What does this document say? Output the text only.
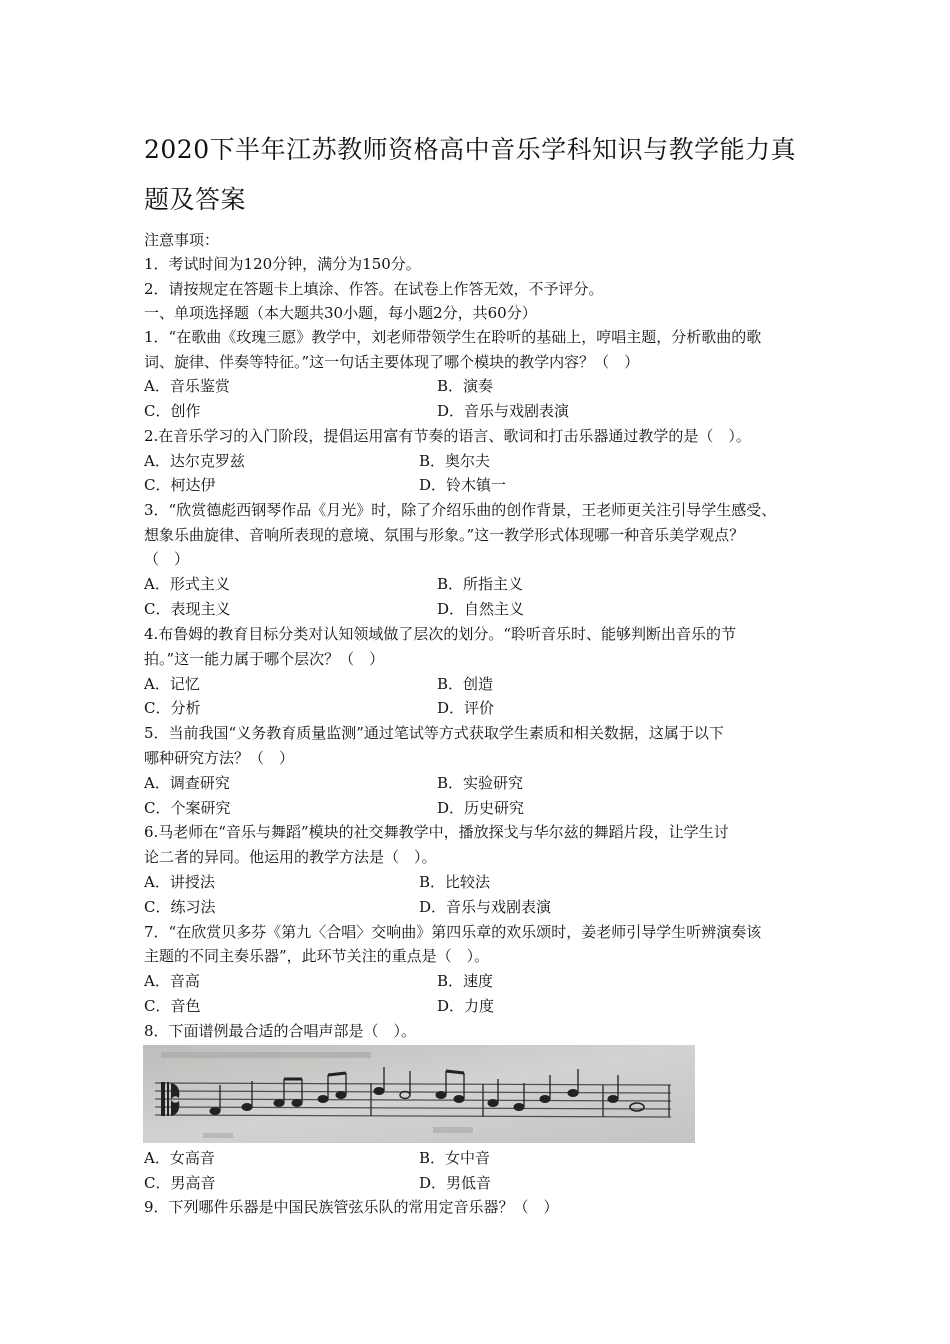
2020下半年江苏教师资格高中音乐学科知识与教学能力真
题及答案
注意事项：
1．考试时间为120分钟，满分为150分。
2．请按规定在答题卡上填涂、作答。在试卷上作答无效，不予评分。
一、单项选择题（本大题共30小题，每小题2分，共60分）
1．“在歌曲《玫瑰三愿》教学中，刘老师带领学生在聆听的基础上，哼唱主题，分析歌曲的歌
词、旋律、伴奏等特征。”这一句话主要体现了哪个模块的教学内容？（　）
A．音乐鉴赏	B．演奏
C．创作	D．音乐与戏剧表演
2.在音乐学习的入门阶段，提倡运用富有节奏的语言、歌词和打击乐器通过教学的是（　）。
A．达尔克罗兹	B．奥尔夫
C．柯达伊	D．铃木镇一
3．“欣赏德彪西钢琴作品《月光》时，除了介绍乐曲的创作背景，王老师更关注引导学生感受、
想象乐曲旋律、音响所表现的意境、氛围与形象。”这一教学形式体现哪一种音乐美学观点？
（　）
A．形式主义	B．所指主义
C．表现主义	D．自然主义
4.布鲁姆的教育目标分类对认知领域做了层次的划分。“聆听音乐时、能够判断出音乐的节
拍。”这一能力属于哪个层次？（　）
A．记忆	B．创造
C．分析	D．评价
5．当前我国“义务教育质量监测”通过笔试等方式获取学生素质和相关数据，这属于以下
哪种研究方法？（　）
A．调查研究	B．实验研究
C．个案研究	D．历史研究
6.马老师在“音乐与舞蹈”模块的社交舞教学中，播放探戈与华尔兹的舞蹈片段，让学生讨
论二者的异同。他运用的教学方法是（　）。
A．讲授法	B．比较法
C．练习法	D．音乐与戏剧表演
7．“在欣赏贝多芬《第九〈合唱〉交响曲》第四乐章的欢乐颂时，姜老师引导学生听辨演奏该
主题的不同主奏乐器”，此环节关注的重点是（　）。
A．音高	B．速度
C．音色	D．力度
8．下面谱例最合适的合唱声部是（　）。
A．女高音	B．女中音
C．男高音	D．男低音
9．下列哪件乐器是中国民族管弦乐队的常用定音乐器？（　）
